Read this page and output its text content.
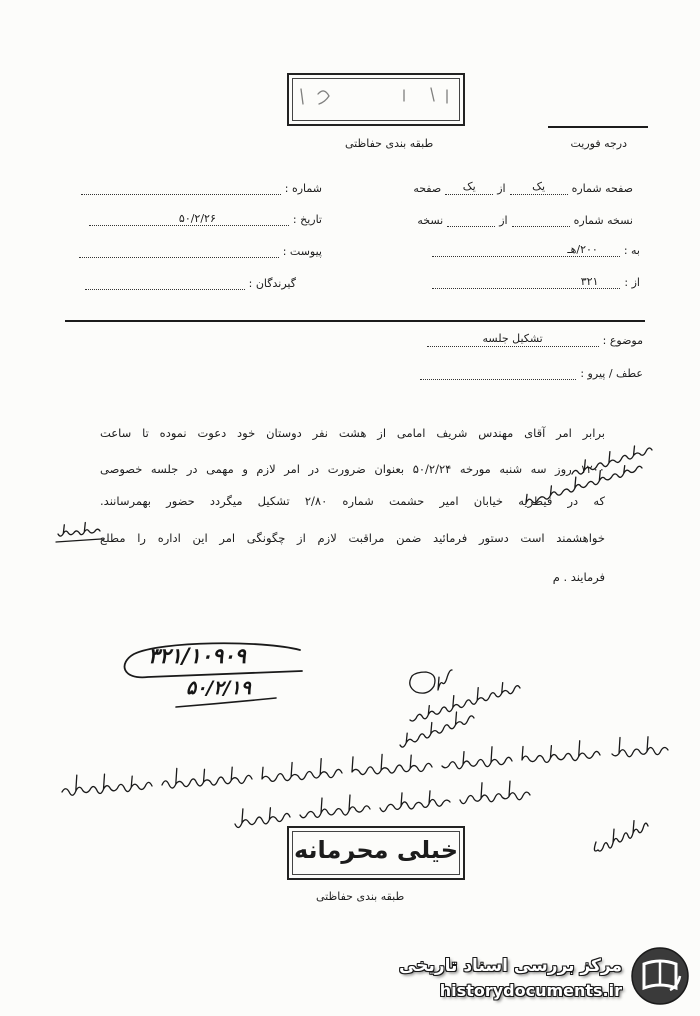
درجه فوریت
طبقه بندی حفاظتی
صفحه شماره
یک
از
یک
صفحه
نسخه شماره
از
نسخه
به :
۲۰۰/هـ
از :
۳۲۱
شماره :
تاریخ :
۵۰/۲/۲۶
پیوست :
گیرندگان :
موضوع :
تشکیل جلسه
عطف / پیرو :
برابر امر آقای مهندس شریف امامی از هشت نفر دوستان خود دعوت نموده تا ساعت
۱۲۰۰ روز سه شنبه مورخه ۵۰/۲/۲۴ بعنوان ضرورت در امر لازم و مهمی در جلسه خصوصی
که در قیطریه خیابان امیر حشمت شماره ۲/۸۰ تشکیل میگردد حضور بهمرسانند.
خواهشمند است دستور فرمائید ضمن مراقبت لازم از چگونگی امر این اداره را مطلع
فرمایند . م
۳۲۱/۱۰۹۰۹
۵۰/۲/۱۹
خیلی محرمانه
طبقه بندی حفاظتی
مرکز بررسی اسناد تاریخی
historydocuments.ir
